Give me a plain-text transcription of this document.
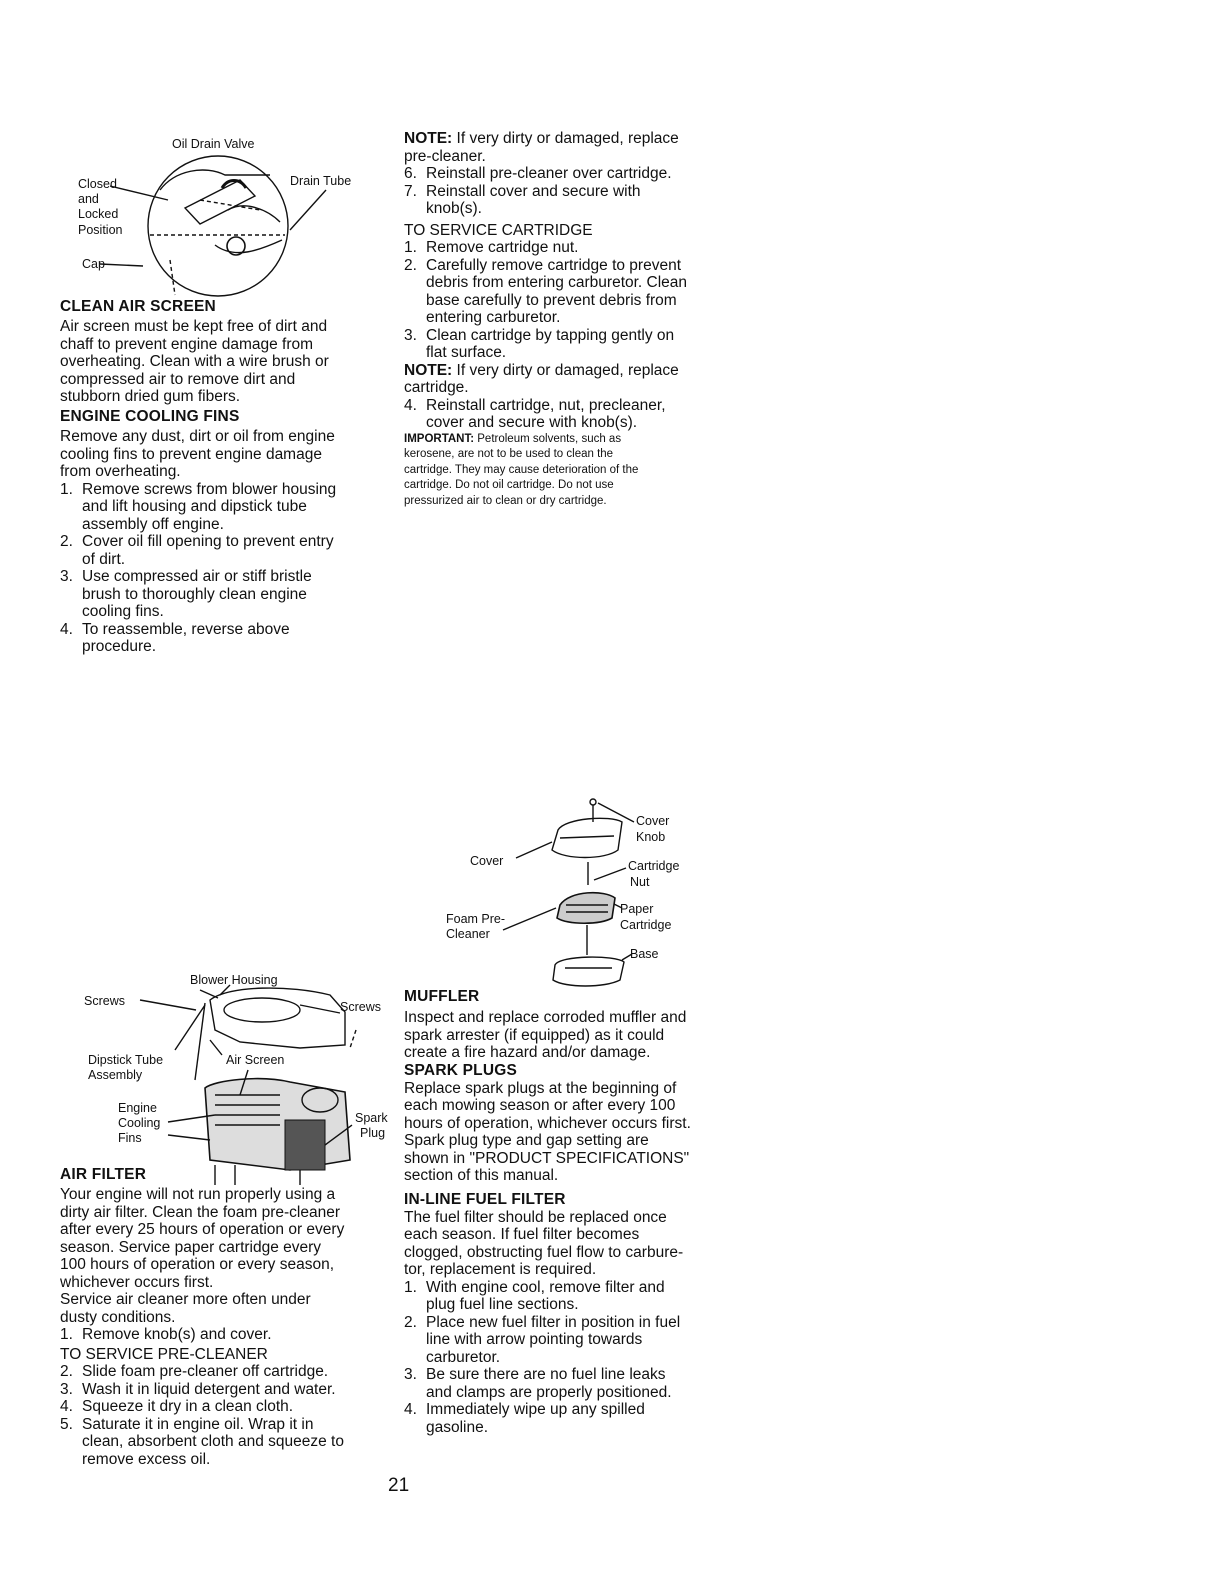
Oil Drain Valve
Closed
and
Locked
Position
Cap
Drain Tube
CLEAN AIR SCREEN
Air screen must be kept free of dirt and
chaff to prevent engine damage from
overheating. Clean with a wire brush or
compressed air to remove dirt and
stubborn dried gum fibers.
ENGINE COOLING FINS
Remove any dust, dirt or oil from engine
cooling fins to prevent engine damage
from overheating.
1. Remove screws from blower housing
and lift housing and dipstick tube
assembly off engine.
2. Cover oil fill opening to prevent entry
of dirt.
3. Use compressed air or stiff bristle
brush to thoroughly clean engine
cooling fins.
4. To reassemble, reverse above
procedure.
AIR FILTER
Your engine will not run properly using a
dirty air filter. Clean the foam pre-cleaner
after every 25 hours of operation or every
season. Service paper cartridge every
100 hours of operation or every season,
whichever occurs first.
Service air cleaner more often under
dusty conditions.
1. Remove knob(s) and cover.
TO SERVICE PRE-CLEANER
2. Slide foam pre-cleaner off cartridge.
3. Wash it in liquid detergent and water.
4. Squeeze it dry in a clean cloth.
5. Saturate it in engine oil. Wrap it in
clean, absorbent cloth and squeeze to
remove excess oil.
Blower Housing
Screws	Screws
Dipstick Tube
Assembly
Air Screen
Engine
Cooling
Fins
Spark
Plug
NOTE: If very dirty or damaged, replace
pre-cleaner.
6. Reinstall pre-cleaner over cartridge.
7. Reinstall cover and secure with
knob(s).
TO SERVICE CARTRIDGE
1. Remove cartridge nut.
2. Carefully remove cartridge to prevent
debris from entering carburetor. Clean
base carefully to prevent debris from
entering carburetor.
3. Clean cartridge by tapping gently on
flat surface.
NOTE: If very dirty or damaged, replace
cartridge.
4. Reinstall cartridge, nut, precleaner,
cover and secure with knob(s).
IMPORTANT: Petroleum solvents, such as
kerosene, are not to be used to clean the
cartridge. They may cause deterioration of the
cartridge. Do not oil cartridge. Do not use
pressurized air to clean or dry cartridge.
MUFFLER
Inspect and replace corroded muffler and
spark arrester (if equipped) as it could
create a fire hazard and/or damage.
SPARK PLUGS
Replace spark plugs at the beginning of
each mowing season or after every 100
hours of operation, whichever occurs first.
Spark plug type and gap setting are
shown in "PRODUCT SPECIFICATIONS"
section of this manual.
IN-LINE FUEL FILTER
The fuel filter should be replaced once
each season. If fuel filter becomes
clogged, obstructing fuel flow to carbure-
tor, replacement is required.
1. With engine cool, remove filter and
plug fuel line sections.
2. Place new fuel filter in position in fuel
line with arrow pointing towards
carburetor.
3. Be sure there are no fuel line leaks
and clamps are properly positioned.
4. Immediately wipe up any spilled
gasoline.
Cover
Knob
Cover	Cartridge
Nut
Foam Pre-
Cleaner
Paper
Cartridge
Base
21
